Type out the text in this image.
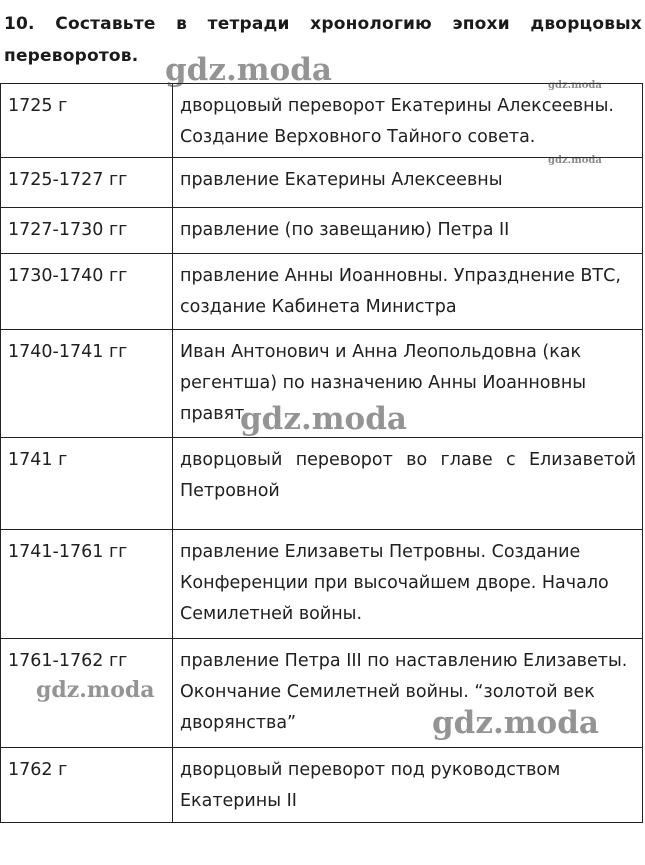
10. Составьте в тетради хронологию эпохи дворцовых
переворотов.
1725 г	дворцовый переворот Екатерины Алексеевны. Создание Верховного Тайного совета.
1725-1727 гг	правление Екатерины Алексеевны
1727-1730 гг	правление (по завещанию) Петра II
1730-1740 гг	правление Анны Иоанновны. Упразднение ВТС, создание Кабинета Министра
1740-1741 гг	Иван Антонович и Анна Леопольдовна (как регентша) по назначению Анны Иоанновны правят
1741 г	дворцовый переворот во главе с Елизаветой Петровной
1741-1761 гг	правление Елизаветы Петровны. Создание Конференции при высочайшем дворе. Начало Семилетней войны.
1761-1762 гг	правление Петра III по наставлению Елизаветы. Окончание Семилетней войны. “золотой век дворянства”
1762 г	дворцовый переворот под руководством Екатерины II
gdz.moda	gdz.moda
gdz.moda
gdz.moda
gdz.moda
gdz.moda
